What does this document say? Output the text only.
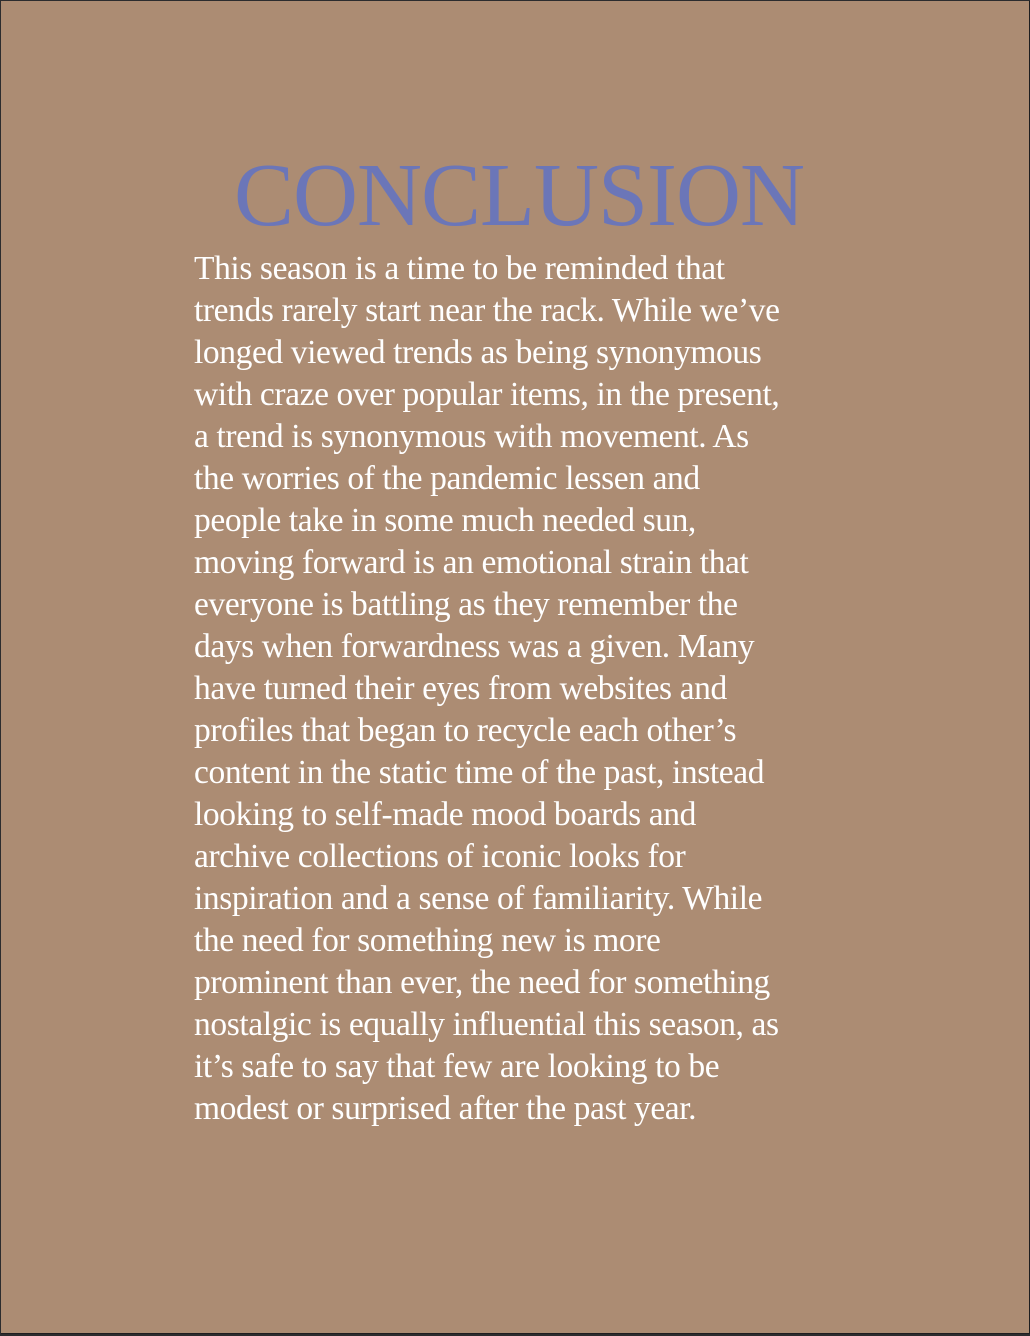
CONCLUSION

This season is a time to be reminded that
trends rarely start near the rack. While we’ve
longed viewed trends as being synonymous
with craze over popular items, in the present,
a trend is synonymous with movement. As
the worries of the pandemic lessen and
people take in some much needed sun,
moving forward is an emotional strain that
everyone is battling as they remember the
days when forwardness was a given. Many
have turned their eyes from websites and
profiles that began to recycle each other’s
content in the static time of the past, instead
looking to self-made mood boards and
archive collections of iconic looks for
inspiration and a sense of familiarity. While
the need for something new is more
prominent than ever, the need for something
nostalgic is equally influential this season, as
it’s safe to say that few are looking to be
modest or surprised after the past year.
